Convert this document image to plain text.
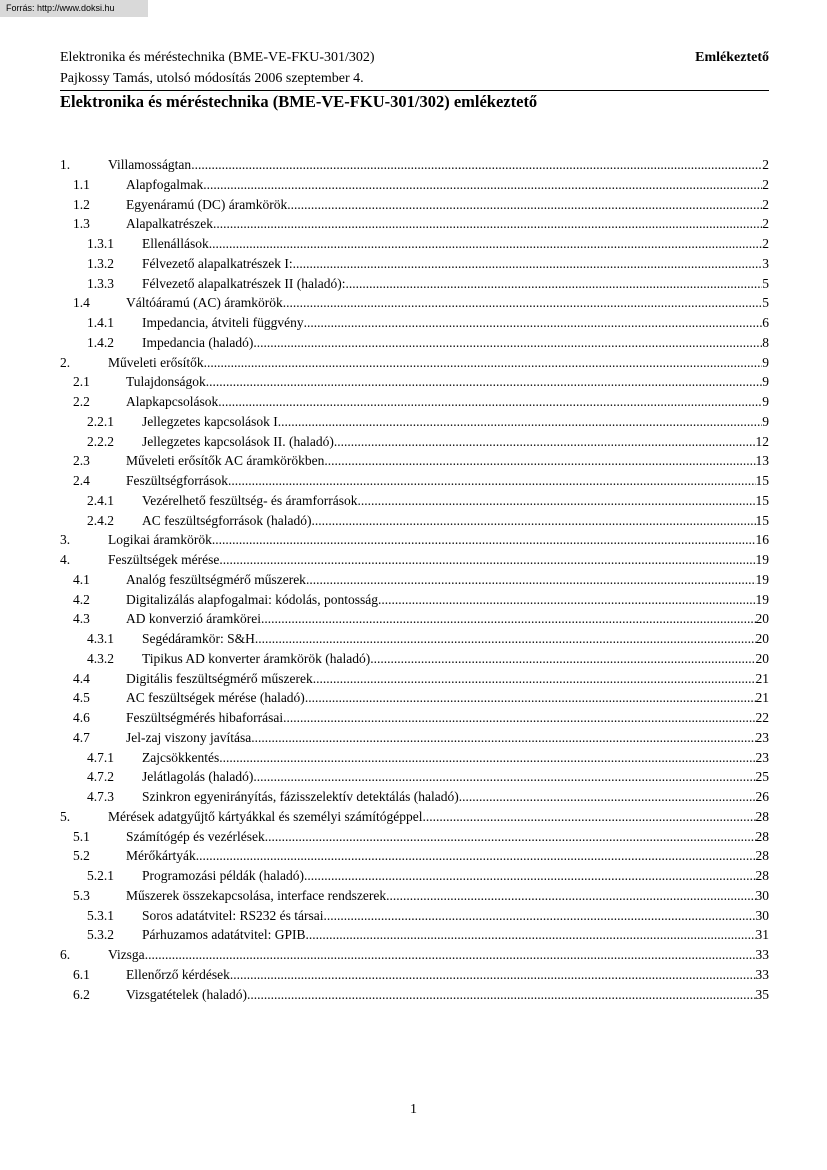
Forrás: http://www.doksi.hu
Elektronika és méréstechnika (BME-VE-FKU-301/302)	Emlékeztető
Pajkossy Tamás, utolsó módosítás 2006 szeptember 4.
Elektronika és méréstechnika (BME-VE-FKU-301/302) emlékeztető
1.	Villamosságtan .....	2
1.1	Alapfogalmak .....	2
1.2	Egyenáramú (DC) áramkörök .....	2
1.3	Alapalkatrészek .....	2
1.3.1 Ellenállások .....	2
1.3.2 Félvezető alapalkatrészek I: .....	3
1.3.3 Félvezető alapalkatrészek II (haladó): .....	5
1.4	Váltóáramú (AC) áramkörök .....	5
1.4.1 Impedancia, átviteli függvény .....	6
1.4.2 Impedancia (haladó) .....	8
2.	Műveleti erősítők .....	9
2.1	Tulajdonságok .....	9
2.2	Alapkapcsolások .....	9
2.2.1 Jellegzetes kapcsolások I. .....	9
2.2.2 Jellegzetes kapcsolások II. (haladó) .....	12
2.3	Műveleti erősítők AC áramkörökben .....	13
2.4	Feszültségforrások .....	15
2.4.1 Vezérelhető feszültség- és áramforrások .....	15
2.4.2 AC feszültségforrások (haladó) .....	15
3.	Logikai áramkörök .....	16
4.	Feszültségek mérése .....	19
4.1	Analóg feszültségmérő műszerek .....	19
4.2	Digitalizálás alapfogalmai: kódolás, pontosság .....	19
4.3	AD konverzió áramkörei .....	20
4.3.1 Segédáramkör: S&H .....	20
4.3.2 Tipikus AD konverter áramkörök (haladó) .....	20
4.4	Digitális feszültségmérő műszerek .....	21
4.5	AC feszültségek mérése (haladó) .....	21
4.6	Feszültségmérés hibaforrásai .....	22
4.7	Jel-zaj viszony javítása .....	23
4.7.1 Zajcsökkentés .....	23
4.7.2 Jelátlagolás (haladó) .....	25
4.7.3 Szinkron egyenirányítás, fázisszelektív detektálás (haladó) .....	26
5.	Mérések adatgyűjtő kártyákkal és személyi számítógéppel .....	28
5.1	Számítógép és vezérlések .....	28
5.2	Mérőkártyák .....	28
5.2.1 Programozási példák (haladó) .....	28
5.3	Műszerek összekapcsolása, interface rendszerek .....	30
5.3.1 Soros adatátvitel: RS232 és társai .....	30
5.3.2 Párhuzamos adatátvitel: GPIB .....	31
6.	Vizsga .....	33
6.1	Ellenőrző kérdések .....	33
6.2	Vizsgatételek (haladó) .....	35
1
